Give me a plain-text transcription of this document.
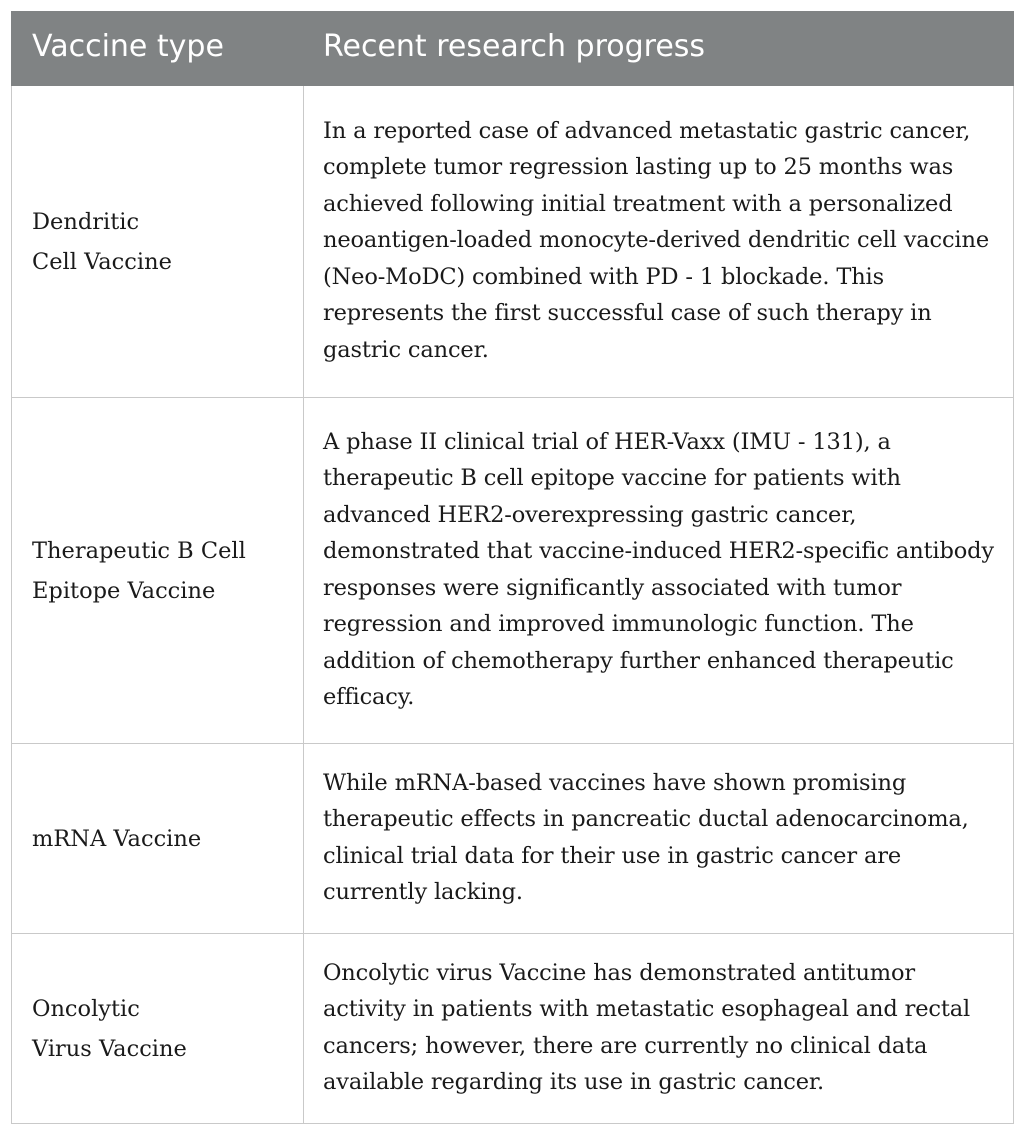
Vaccine type	Recent research progress
Dendritic
Cell Vaccine	In a reported case of advanced metastatic gastric cancer, complete tumor regression lasting up to 25 months was achieved following initial treatment with a personalized neoantigen-loaded monocyte-derived dendritic cell vaccine (Neo-MoDC) combined with PD - 1 blockade. This represents the first successful case of such therapy in gastric cancer.
Therapeutic B Cell
Epitope Vaccine	A phase II clinical trial of HER-Vaxx (IMU - 131), a therapeutic B cell epitope vaccine for patients with advanced HER2-overexpressing gastric cancer, demonstrated that vaccine-induced HER2-specific antibody responses were significantly associated with tumor regression and improved immunologic function. The addition of chemotherapy further enhanced therapeutic efficacy.
mRNA Vaccine	While mRNA-based vaccines have shown promising therapeutic effects in pancreatic ductal adenocarcinoma, clinical trial data for their use in gastric cancer are currently lacking.
Oncolytic
Virus Vaccine	Oncolytic virus Vaccine has demonstrated antitumor activity in patients with metastatic esophageal and rectal cancers; however, there are currently no clinical data available regarding its use in gastric cancer.
